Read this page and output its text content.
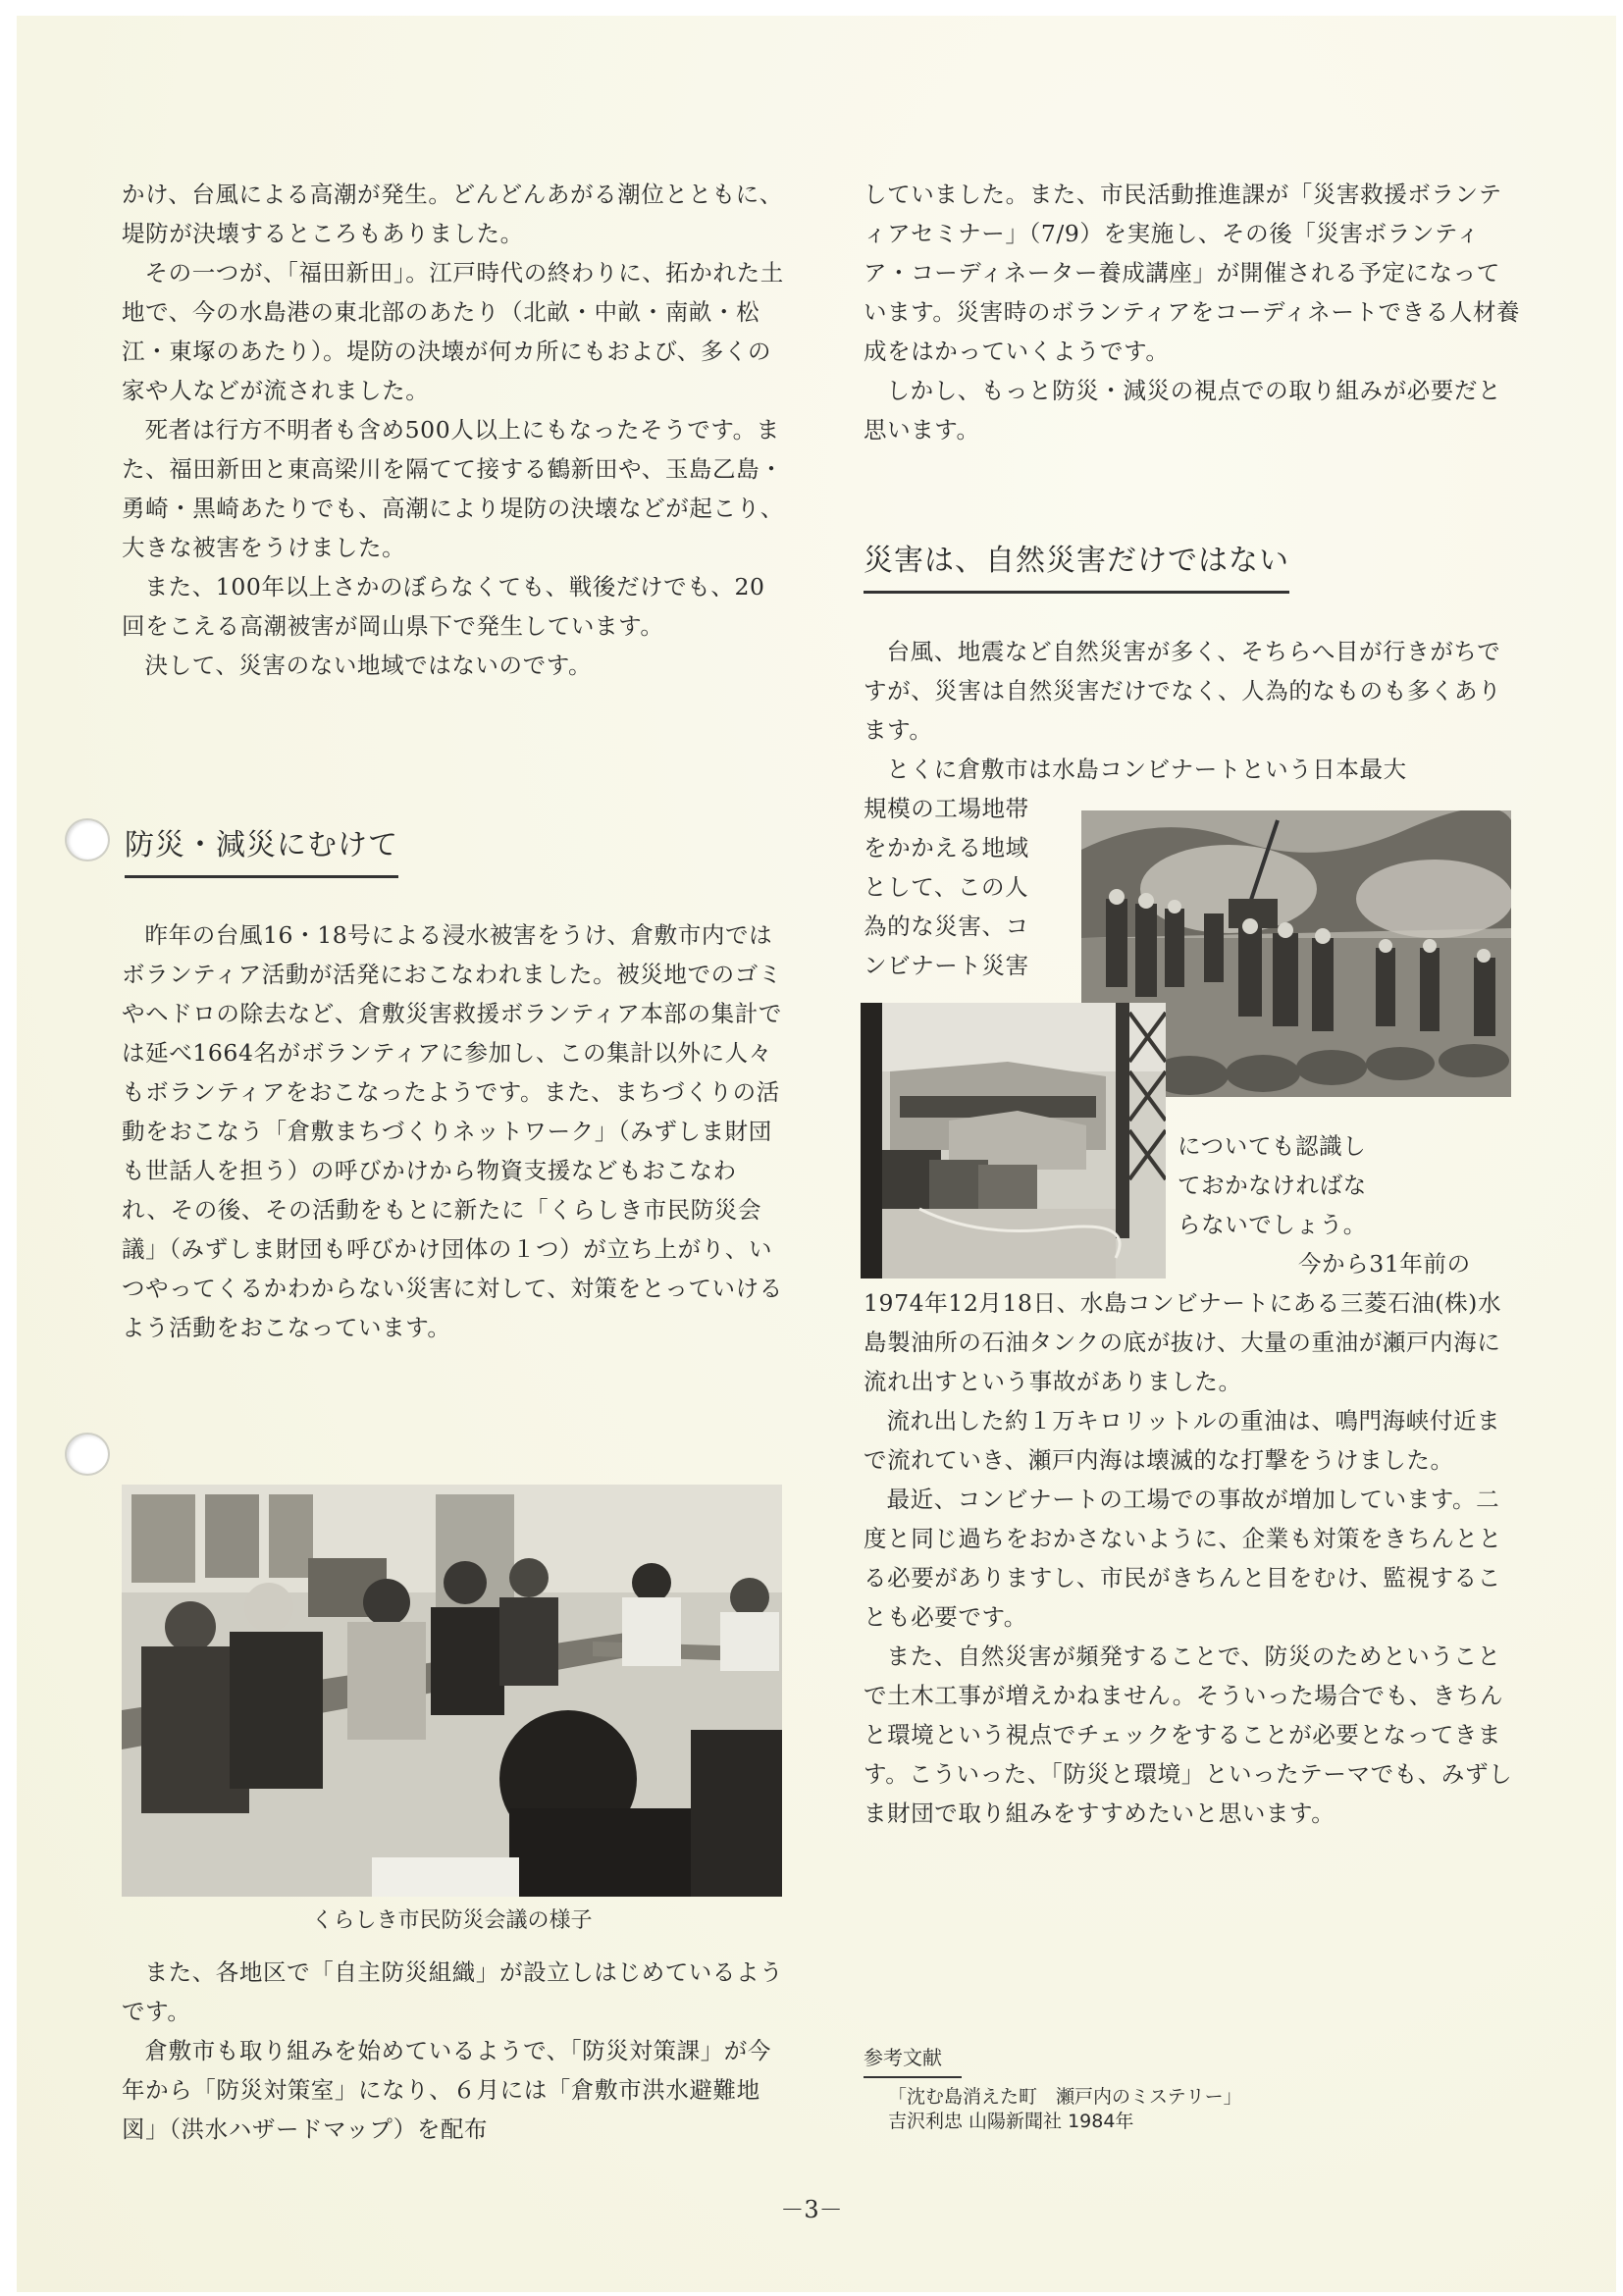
かけ、台風による高潮が発生。どんどんあがる潮位とともに、堤防が決壊するところもありました。

その一つが、「福田新田」。江戸時代の終わりに、拓かれた土地で、今の水島港の東北部のあたり（北畝・中畝・南畝・松江・東塚のあたり）。堤防の決壊が何カ所にもおよび、多くの家や人などが流されました。

死者は行方不明者も含め500人以上にもなったそうです。また、福田新田と東高梁川を隔てて接する鶴新田や、玉島乙島・勇崎・黒崎あたりでも、高潮により堤防の決壊などが起こり、大きな被害をうけました。

また、100年以上さかのぼらなくても、戦後だけでも、20回をこえる高潮被害が岡山県下で発生しています。

決して、災害のない地域ではないのです。

防災・減災にむけて

昨年の台風16・18号による浸水被害をうけ、倉敷市内ではボランティア活動が活発におこなわれました。被災地でのゴミやヘドロの除去など、倉敷災害救援ボランティア本部の集計では延べ1664名がボランティアに参加し、この集計以外に人々もボランティアをおこなったようです。また、まちづくりの活動をおこなう「倉敷まちづくりネットワーク」（みずしま財団も世話人を担う）の呼びかけから物資支援などもおこなわれ、その後、その活動をもとに新たに「くらしき市民防災会議」（みずしま財団も呼びかけ団体の１つ）が立ち上がり、いつやってくるかわからない災害に対して、対策をとっていけるよう活動をおこなっています。

くらしき市民防災会議の様子

また、各地区で「自主防災組織」が設立しはじめているようです。

倉敷市も取り組みを始めているようで、「防災対策課」が今年から「防災対策室」になり、６月には「倉敷市洪水避難地図」（洪水ハザードマップ）を配布

していました。また、市民活動推進課が「災害救援ボランティアセミナー」（7/9）を実施し、その後「災害ボランティア・コーディネーター養成講座」が開催される予定になっています。災害時のボランティアをコーディネートできる人材養成をはかっていくようです。

しかし、もっと防災・減災の視点での取り組みが必要だと思います。

災害は、自然災害だけではない

台風、地震など自然災害が多く、そちらへ目が行きがちですが、災害は自然災害だけでなく、人為的なものも多くあります。

とくに倉敷市は水島コンビナートという日本最大

規模の工場地帯
をかかえる地域
として、この人
為的な災害、コ
ンビナート災害
についても認識し
ておかなければな
らないでしょう。
今から31年前の

1974年12月18日、水島コンビナートにある三菱石油(株)水島製油所の石油タンクの底が抜け、大量の重油が瀬戸内海に流れ出すという事故がありました。

流れ出した約１万キロリットルの重油は、鳴門海峡付近まで流れていき、瀬戸内海は壊滅的な打撃をうけました。

最近、コンビナートの工場での事故が増加しています。二度と同じ過ちをおかさないように、企業も対策をきちんととる必要がありますし、市民がきちんと目をむけ、監視することも必要です。

また、自然災害が頻発することで、防災のためということで土木工事が増えかねません。そういった場合でも、きちんと環境という視点でチェックをすることが必要となってきます。こういった、「防災と環境」といったテーマでも、みずしま財団で取り組みをすすめたいと思います。

参考文献
「沈む島消えた町　瀬戸内のミステリー」
吉沢利忠 山陽新聞社 1984年
－3－
